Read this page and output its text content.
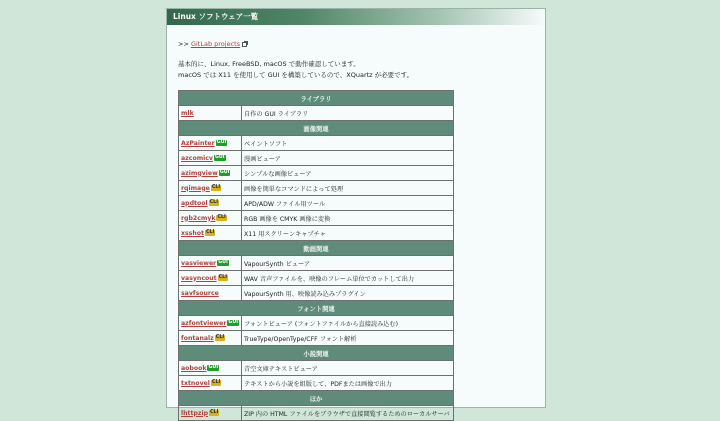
Linux ソフトウェア一覧
>> GitLab projects
基本的に、Linux, FreeBSD, macOS で動作確認しています。
macOS では X11 を使用して GUI を構築しているので、XQuartz が必要です。
ライブラリ	
mlk	自作の GUI ライブラリ
画像関連	
AzPainter GUI	ペイントソフト
azcomicv GUI	漫画ビューア
azimgview GUI	シンプルな画像ビューア
rqimage CLI	画像を簡単なコマンドによって処理
apdtool CLI	APD/ADW ファイル用ツール
rgb2cmyk CLI	RGB 画像を CMYK 画像に変換
xsshot CLI	X11 用スクリーンキャプチャ
動画関連	
vasviewer GUI	VapourSynth ビューア
vasyncout CLI	WAV 音声ファイルを、映像のフレーム単位でカットして出力
savfsource	VapourSynth 用、映像読み込みプラグイン
フォント関連	
azfontviewer GUI	フォントビューア (フォントファイルから直接読み込む)
fontanalz CLI	TrueType/OpenType/CFF フォント解析
小説関連	
aobook GUI	青空文庫テキストビューア
txtnovel CLI	テキストから小説を組版して、PDFまたは画像で出力
ほか	
lhttpzip CLI	ZIP 内の HTML ファイルをブラウザで直接閲覧するためのローカルサーバ
